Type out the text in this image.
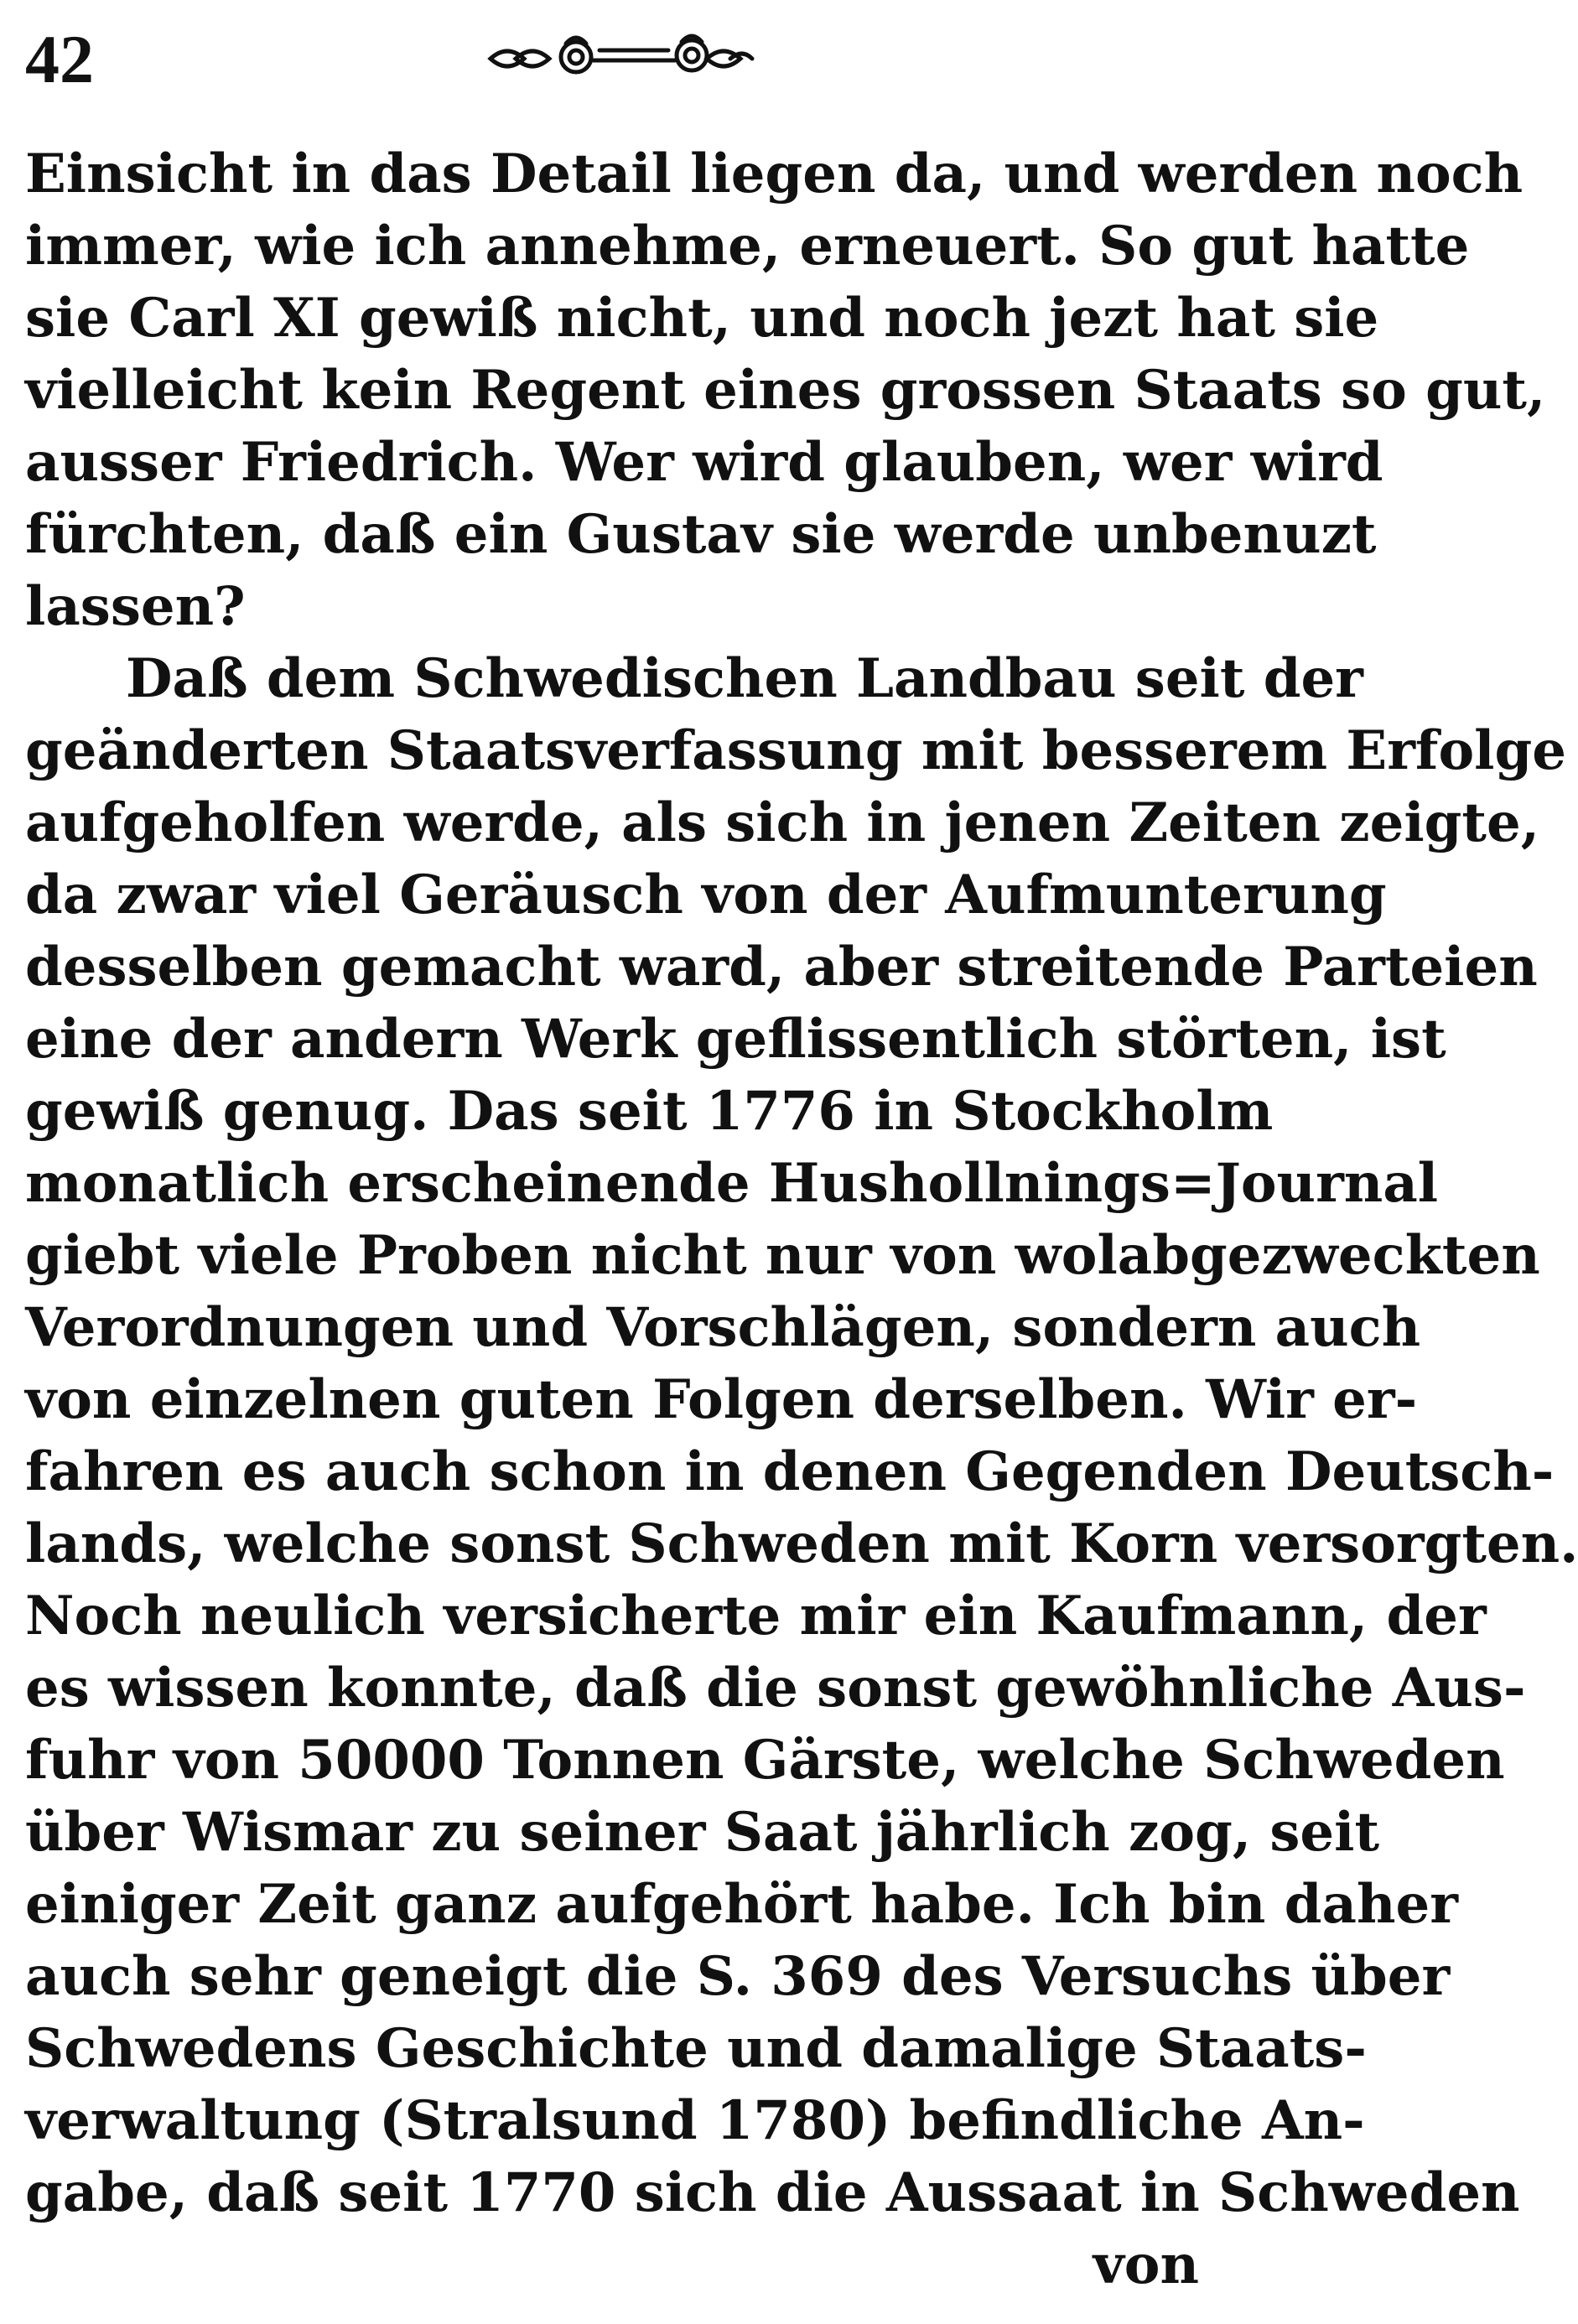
42
Einsicht in das Detail liegen da, und werden noch
immer, wie ich annehme, erneuert. So gut hatte
sie Carl XI gewiß nicht, und noch jezt hat sie
vielleicht kein Regent eines grossen Staats so gut,
ausser Friedrich. Wer wird glauben, wer wird
fürchten, daß ein Gustav sie werde unbenuzt
lassen?
Daß dem Schwedischen Landbau seit der
geänderten Staatsverfassung mit besserem Erfolge
aufgeholfen werde, als sich in jenen Zeiten zeigte,
da zwar viel Geräusch von der Aufmunterung
desselben gemacht ward, aber streitende Parteien
eine der andern Werk geflissentlich störten, ist
gewiß genug. Das seit 1776 in Stockholm
monatlich erscheinende Hushollnings=Journal
giebt viele Proben nicht nur von wolabgezweckten
Verordnungen und Vorschlägen, sondern auch
von einzelnen guten Folgen derselben. Wir er-
fahren es auch schon in denen Gegenden Deutsch-
lands, welche sonst Schweden mit Korn versorgten.
Noch neulich versicherte mir ein Kaufmann, der
es wissen konnte, daß die sonst gewöhnliche Aus-
fuhr von 50000 Tonnen Gärste, welche Schweden
über Wismar zu seiner Saat jährlich zog, seit
einiger Zeit ganz aufgehört habe. Ich bin daher
auch sehr geneigt die S. 369 des Versuchs über
Schwedens Geschichte und damalige Staats-
verwaltung (Stralsund 1780) befindliche An-
gabe, daß seit 1770 sich die Aussaat in Schweden
von
